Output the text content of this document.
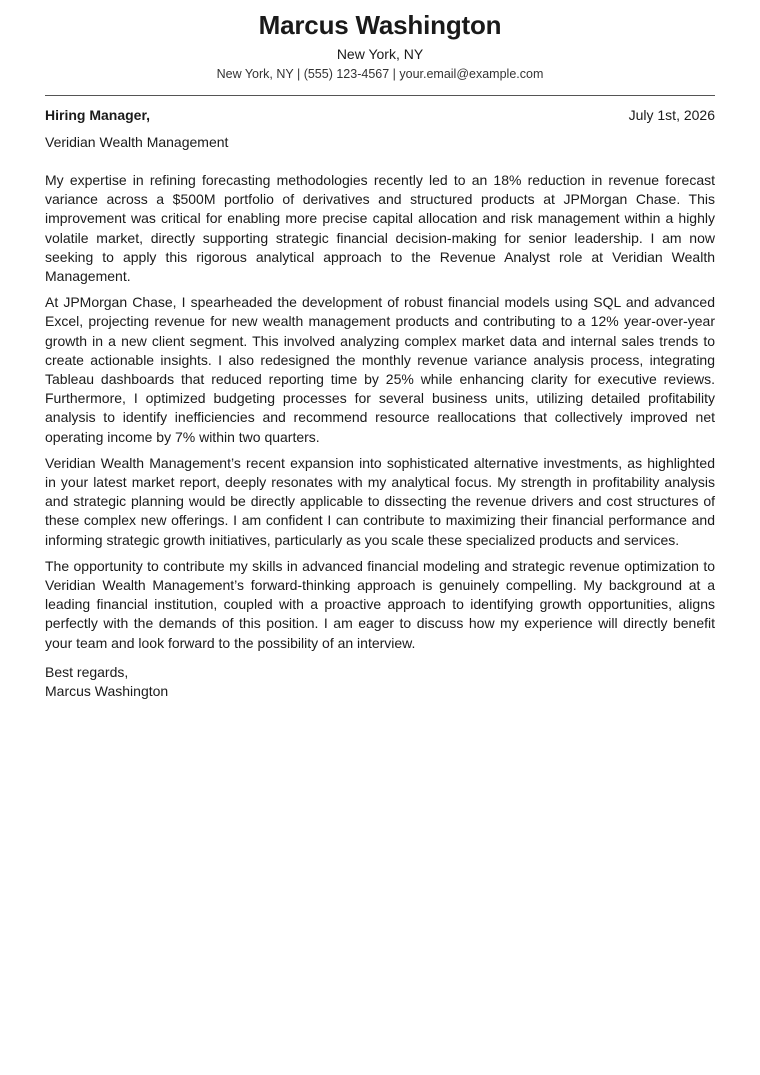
Marcus Washington
New York, NY
New York, NY | (555) 123-4567 | your.email@example.com
Hiring Manager,	July 1st, 2026
Veridian Wealth Management

My expertise in refining forecasting methodologies recently led to an 18% reduction in revenue forecast variance across a $500M portfolio of derivatives and structured products at JPMorgan Chase. This improvement was critical for enabling more precise capital allocation and risk management within a highly volatile market, directly supporting strategic financial decision-making for senior leadership. I am now seeking to apply this rigorous analytical approach to the Revenue Analyst role at Veridian Wealth Management.

At JPMorgan Chase, I spearheaded the development of robust financial models using SQL and advanced Excel, projecting revenue for new wealth management products and contributing to a 12% year-over-year growth in a new client segment. This involved analyzing complex market data and internal sales trends to create actionable insights. I also redesigned the monthly revenue variance analysis process, integrating Tableau dashboards that reduced reporting time by 25% while enhancing clarity for executive reviews. Furthermore, I optimized budgeting processes for several business units, utilizing detailed profitability analysis to identify inefficiencies and recommend resource reallocations that collectively improved net operating income by 7% within two quarters.

Veridian Wealth Management’s recent expansion into sophisticated alternative investments, as highlighted in your latest market report, deeply resonates with my analytical focus. My strength in profitability analysis and strategic planning would be directly applicable to dissecting the revenue drivers and cost structures of these complex new offerings. I am confident I can contribute to maximizing their financial performance and informing strategic growth initiatives, particularly as you scale these specialized products and services.

The opportunity to contribute my skills in advanced financial modeling and strategic revenue optimization to Veridian Wealth Management’s forward-thinking approach is genuinely compelling. My background at a leading financial institution, coupled with a proactive approach to identifying growth opportunities, aligns perfectly with the demands of this position. I am eager to discuss how my experience will directly benefit your team and look forward to the possibility of an interview.

Best regards,
Marcus Washington
